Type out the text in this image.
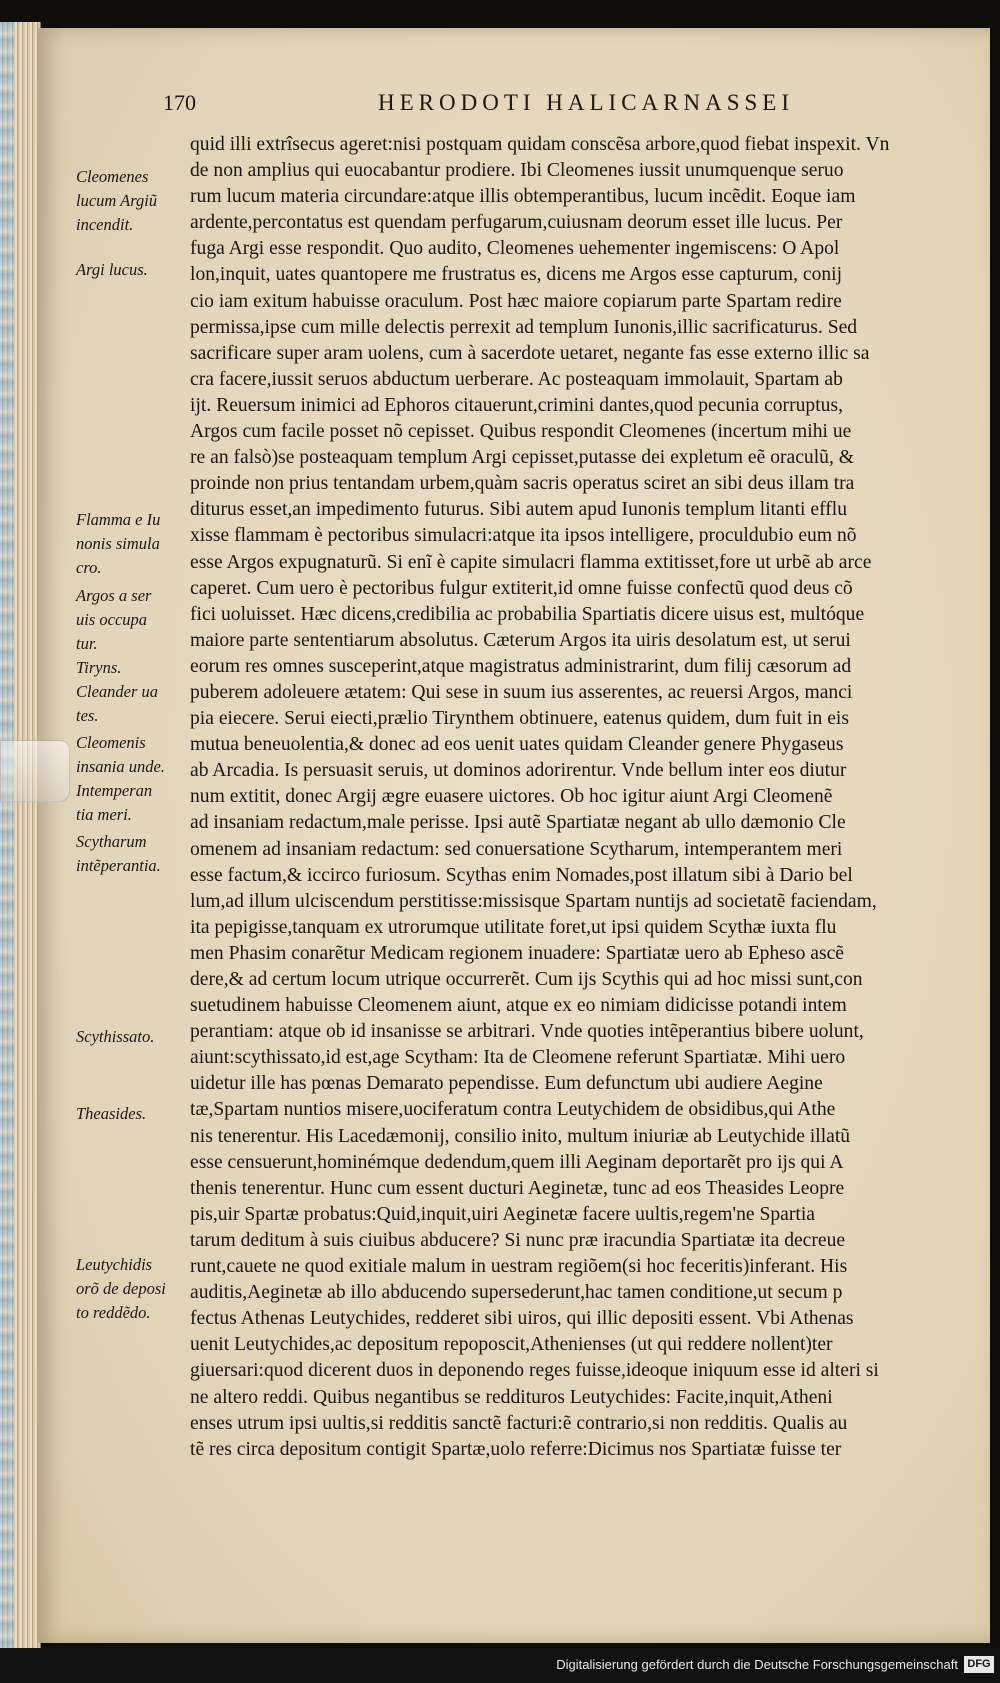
170	HERODOTI HALICARNASSEI
quid illi extrîsecus ageret:nisi postquam quidam conscẽsa arbore,quod fiebat inspexit. Vn
de non amplius qui euocabantur prodiere. Ibi Cleomenes iussit unumquenque seruo
rum lucum materia circundare:atque illis obtemperantibus, lucum incẽdit. Eoque iam
ardente,percontatus est quendam perfugarum,cuiusnam deorum esset ille lucus. Per
fuga Argi esse respondit. Quo audito, Cleomenes uehementer ingemiscens: O Apol
lon,inquit, uates quantopere me frustratus es, dicens me Argos esse capturum, conij
cio iam exitum habuisse oraculum. Post hæc maiore copiarum parte Spartam redire
permissa,ipse cum mille delectis perrexit ad templum Iunonis,illic sacrificaturus. Sed
sacrificare super aram uolens, cum à sacerdote uetaret, negante fas esse externo illic sa
cra facere,iussit seruos abductum uerberare. Ac posteaquam immolauit, Spartam ab
ijt. Reuersum inimici ad Ephoros citauerunt,crimini dantes,quod pecunia corruptus,
Argos cum facile posset nõ cepisset. Quibus respondit Cleomenes (incertum mihi ue
re an falsò)se posteaquam templum Argi cepisset,putasse dei expletum eẽ oraculũ, &
proinde non prius tentandam urbem,quàm sacris operatus sciret an sibi deus illam tra
diturus esset,an impedimento futurus. Sibi autem apud Iunonis templum litanti efflu
xisse flammam è pectoribus simulacri:atque ita ipsos intelligere, proculdubio eum nõ
esse Argos expugnaturũ. Si enĩ è capite simulacri flamma extitisset,fore ut urbẽ ab arce
caperet. Cum uero è pectoribus fulgur extiterit,id omne fuisse confectũ quod deus cõ
fici uoluisset. Hæc dicens,credibilia ac probabilia Spartiatis dicere uisus est, multóque
maiore parte sententiarum absolutus. Cæterum Argos ita uiris desolatum est, ut serui
eorum res omnes susceperint,atque magistratus administrarint, dum filij cæsorum ad
puberem adoleuere ætatem: Qui sese in suum ius asserentes, ac reuersi Argos, manci
pia eiecere. Serui eiecti,prælio Tirynthem obtinuere, eatenus quidem, dum fuit in eis
mutua beneuolentia,& donec ad eos uenit uates quidam Cleander genere Phygaseus
ab Arcadia. Is persuasit seruis, ut dominos adorirentur. Vnde bellum inter eos diutur
num extitit, donec Argij ægre euasere uictores. Ob hoc igitur aiunt Argi Cleomenẽ
ad insaniam redactum,male perisse. Ipsi autẽ Spartiatæ negant ab ullo dæmonio Cle
omenem ad insaniam redactum: sed conuersatione Scytharum, intemperantem meri
esse factum,& iccirco furiosum. Scythas enim Nomades,post illatum sibi à Dario bel
lum,ad illum ulciscendum perstitisse:missisque Spartam nuntijs ad societatẽ faciendam,
ita pepigisse,tanquam ex utrorumque utilitate foret,ut ipsi quidem Scythæ iuxta flu
men Phasim conarẽtur Medicam regionem inuadere: Spartiatæ uero ab Epheso ascẽ
dere,& ad certum locum utrique occurrerẽt. Cum ijs Scythis qui ad hoc missi sunt,con
suetudinem habuisse Cleomenem aiunt, atque ex eo nimiam didicisse potandi intem
perantiam: atque ob id insanisse se arbitrari. Vnde quoties intẽperantius bibere uolunt,
aiunt:scythissato,id est,age Scytham: Ita de Cleomene referunt Spartiatæ. Mihi uero
uidetur ille has pœnas Demarato pependisse. Eum defunctum ubi audiere Aegine
tæ,Spartam nuntios misere,uociferatum contra Leutychidem de obsidibus,qui Athe
nis tenerentur. His Lacedæmonij, consilio inito, multum iniuriæ ab Leutychide illatũ
esse censuerunt,hominémque dedendum,quem illi Aeginam deportarẽt pro ijs qui A
thenis tenerentur. Hunc cum essent ducturi Aeginetæ, tunc ad eos Theasides Leopre
pis,uir Spartæ probatus:Quid,inquit,uiri Aeginetæ facere uultis,regem'ne Spartia
tarum deditum à suis ciuibus abducere? Si nunc præ iracundia Spartiatæ ita decreue
runt,cauete ne quod exitiale malum in uestram regiõem(si hoc feceritis)inferant. His
auditis,Aeginetæ ab illo abducendo supersederunt,hac tamen conditione,ut secum p
fectus Athenas Leutychides, redderet sibi uiros, qui illic depositi essent. Vbi Athenas
uenit Leutychides,ac depositum repoposcit,Athenienses (ut qui reddere nollent)ter
giuersari:quod dicerent duos in deponendo reges fuisse,ideoque iniquum esse id alteri si
ne altero reddi. Quibus negantibus se reddituros Leutychides: Facite,inquit,Atheni
enses utrum ipsi uultis,si redditis sanctẽ facturi:ẽ contrario,si non redditis. Qualis au
tẽ res circa depositum contigit Spartæ,uolo referre:Dicimus nos Spartiatæ fuisse ter
Cleomenes
lucum Argiũ
incendit.
Argi lucus.
Flamma e Iu
nonis simula
cro.
Argos a ser
uis occupa
tur.
Tiryns.
Cleander ua
tes.
Cleomenis
insania unde.
Intemperan
tia meri.
Scytharum
intẽperantia.
Scythissato.
Theasides.
Leutychidis
orõ de deposi
to reddẽdo.
Digitalisierung gefördert durch die Deutsche Forschungsgemeinschaft DFG
